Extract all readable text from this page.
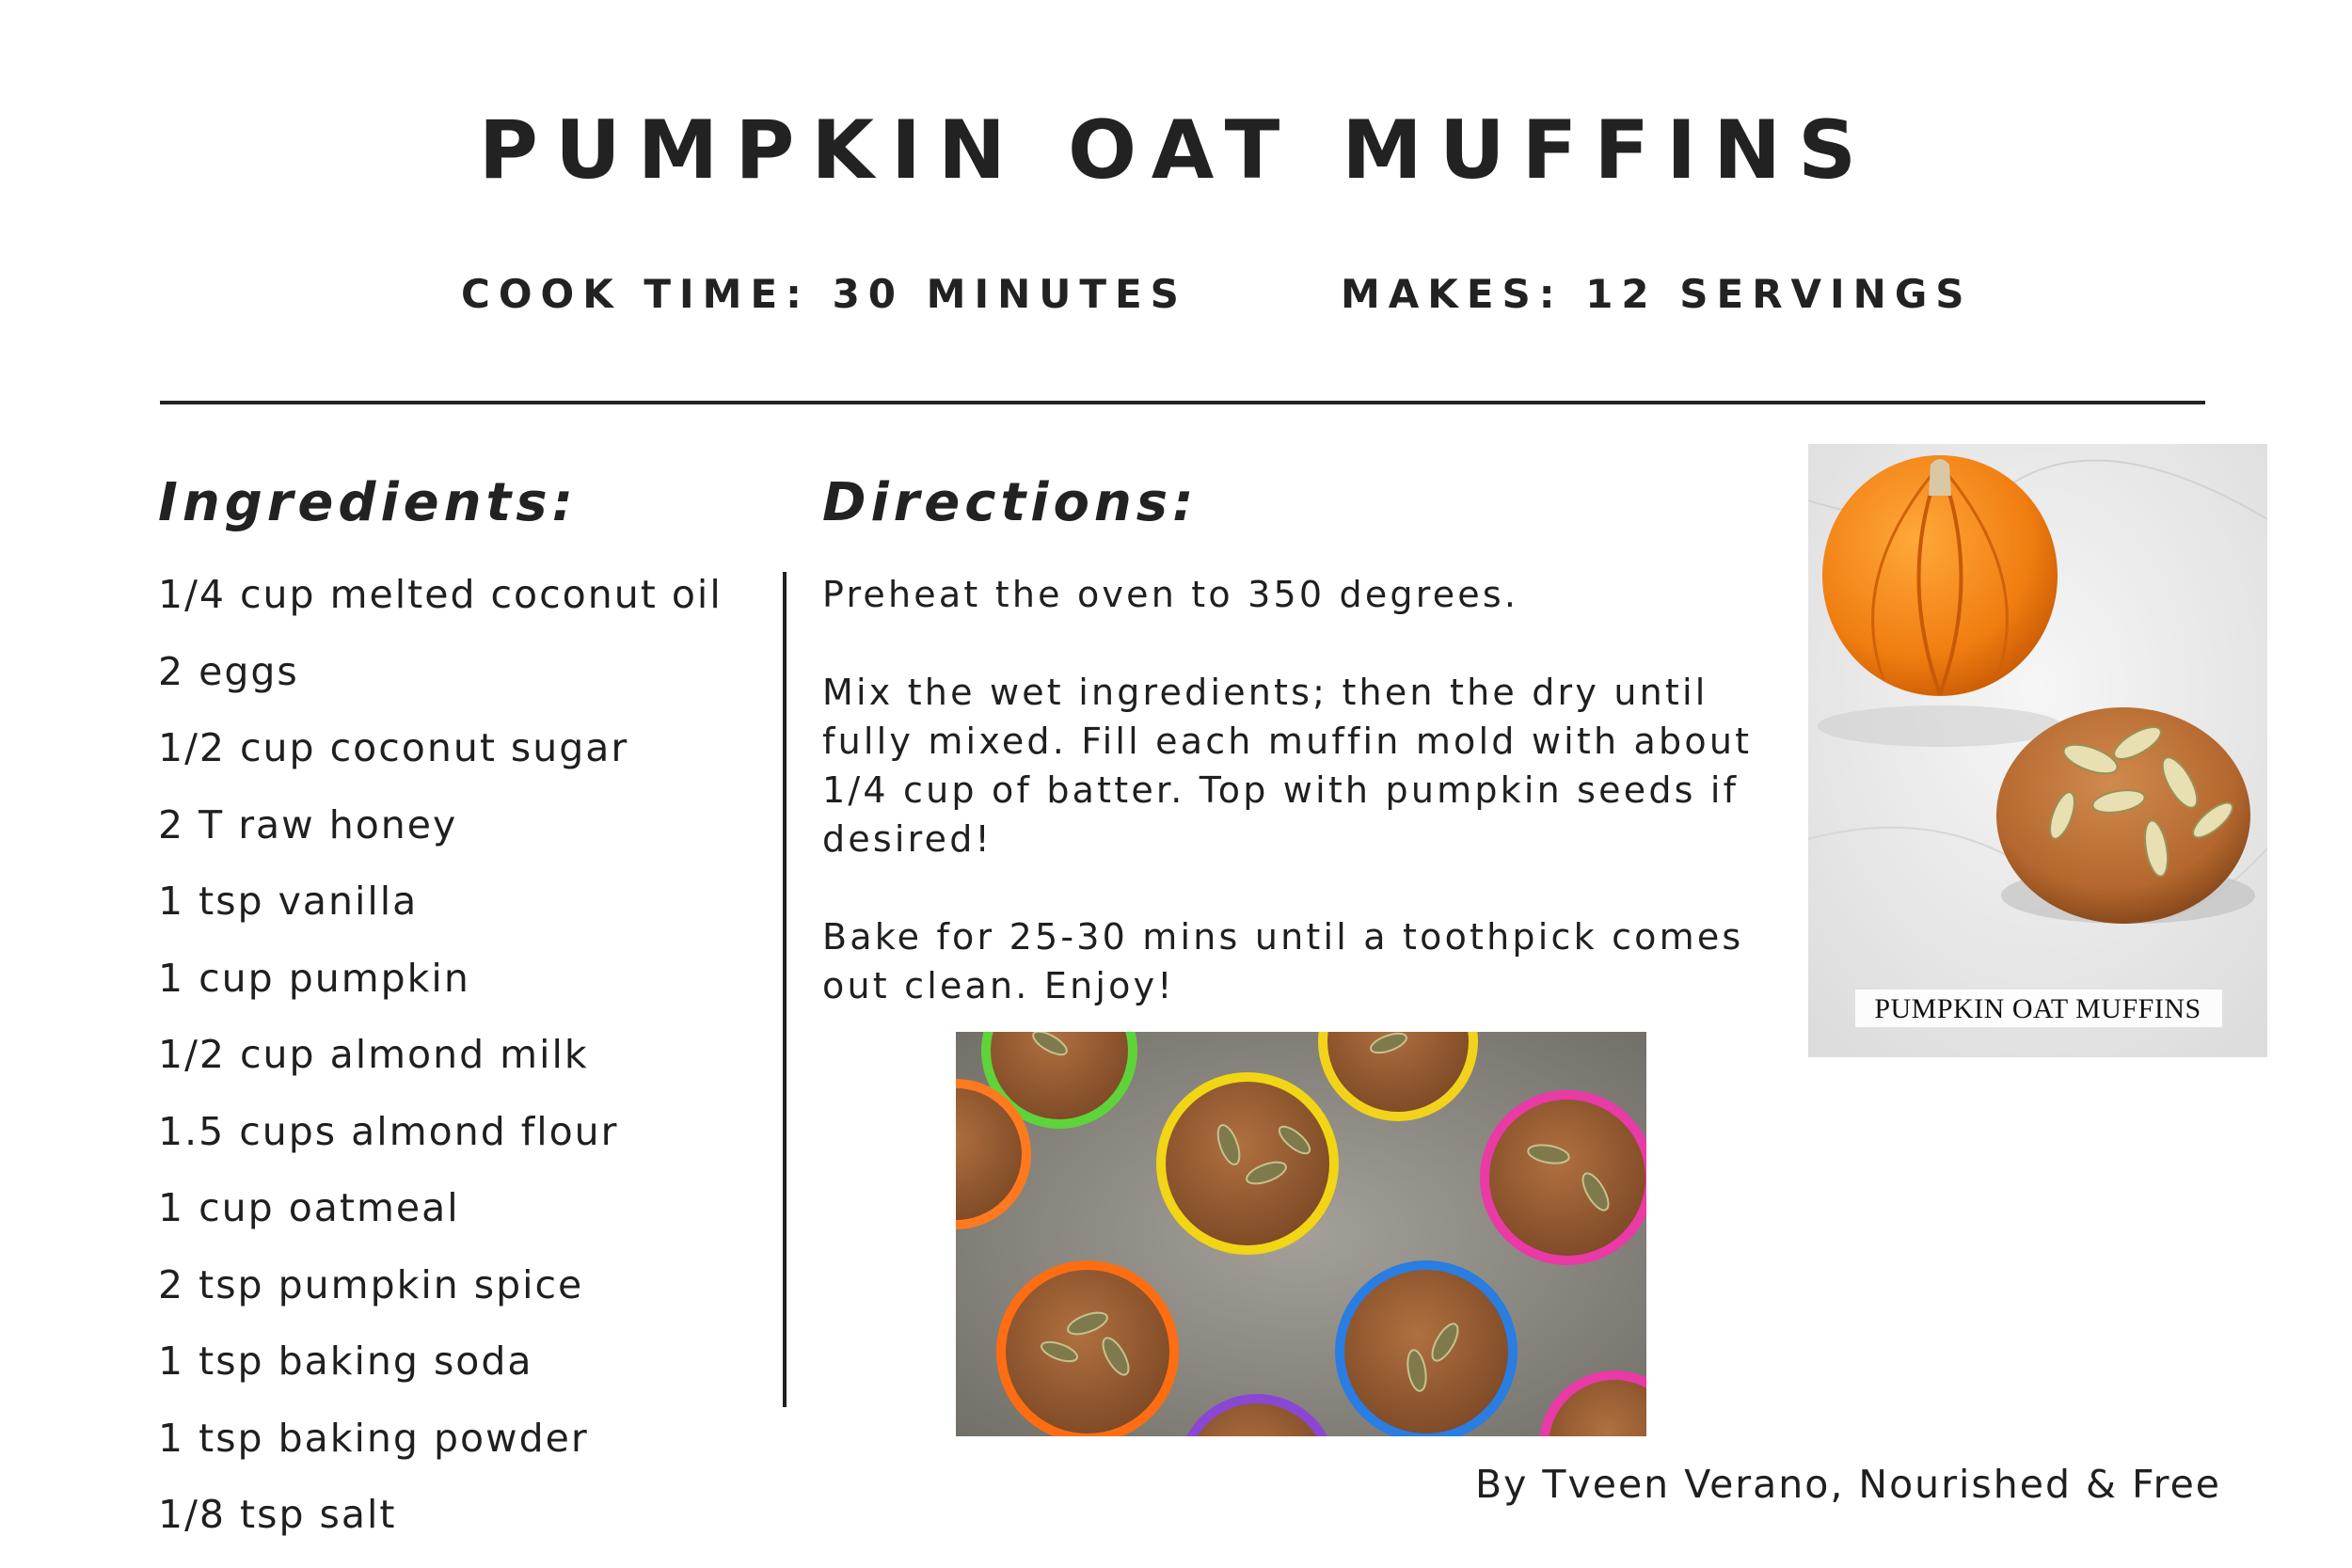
PUMPKIN OAT MUFFINS
COOK TIME: 30 MINUTES	MAKES: 12 SERVINGS
Ingredients:	Directions:
1/4 cup melted coconut oil
2 eggs
1/2 cup coconut sugar
2 T raw honey
1 tsp vanilla
1 cup pumpkin
1/2 cup almond milk
1.5 cups almond flour
1 cup oatmeal
2 tsp pumpkin spice
1 tsp baking soda
1 tsp baking powder
1/8 tsp salt

Preheat the oven to 350 degrees.

Mix the wet ingredients; then the dry until fully mixed. Fill each muffin mold with about 1/4 cup of batter. Top with pumpkin seeds if desired!

Bake for 25-30 mins until a toothpick comes out clean. Enjoy!

PUMPKIN OAT MUFFINS
By Tveen Verano, Nourished & Free
